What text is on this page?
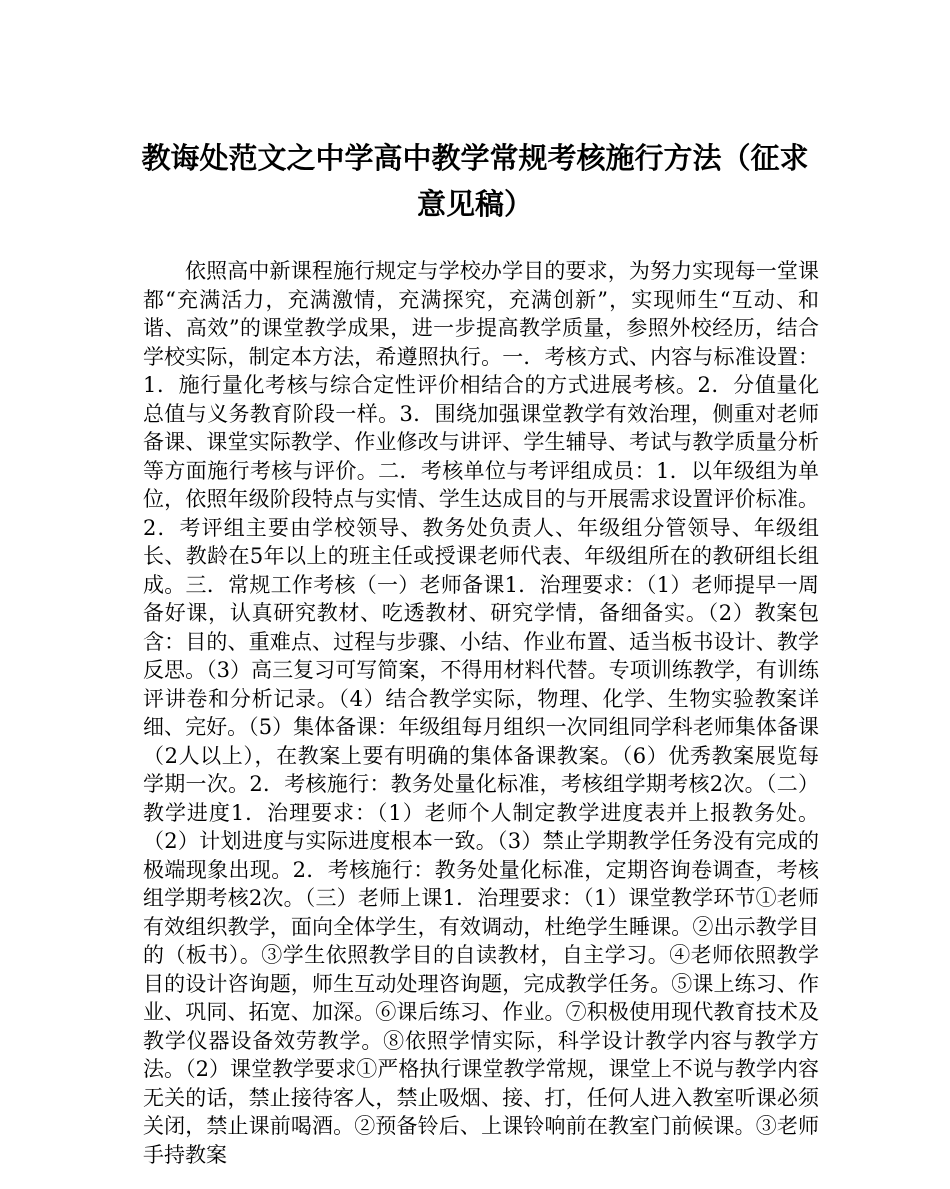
教诲处范文之中学高中教学常规考核施行方法（征求意见稿）

依照高中新课程施行规定与学校办学目的要求，为努力实现每一堂课都“充满活力，充满激情，充满探究，充满创新”，实现师生“互动、和谐、高效”的课堂教学成果，进一步提高教学质量，参照外校经历，结合学校实际，制定本方法，希遵照执行。一．考核方式、内容与标准设置：1．施行量化考核与综合定性评价相结合的方式进展考核。2．分值量化总值与义务教育阶段一样。3．围绕加强课堂教学有效治理，侧重对老师备课、课堂实际教学、作业修改与讲评、学生辅导、考试与教学质量分析等方面施行考核与评价。二．考核单位与考评组成员：1．以年级组为单位，依照年级阶段特点与实情、学生达成目的与开展需求设置评价标准。2．考评组主要由学校领导、教务处负责人、年级组分管领导、年级组长、教龄在5年以上的班主任或授课老师代表、年级组所在的教研组长组成。三．常规工作考核（一）老师备课1．治理要求：（1）老师提早一周备好课，认真研究教材、吃透教材、研究学情，备细备实。（2）教案包含：目的、重难点、过程与步骤、小结、作业布置、适当板书设计、教学反思。（3）高三复习可写简案，不得用材料代替。专项训练教学，有训练评讲卷和分析记录。（4）结合教学实际，物理、化学、生物实验教案详细、完好。（5）集体备课：年级组每月组织一次同组同学科老师集体备课（2人以上），在教案上要有明确的集体备课教案。（6）优秀教案展览每学期一次。2．考核施行：教务处量化标准，考核组学期考核2次。（二）教学进度1．治理要求：（1）老师个人制定教学进度表并上报教务处。（2）计划进度与实际进度根本一致。（3）禁止学期教学任务没有完成的极端现象出现。2．考核施行：教务处量化标准，定期咨询卷调查，考核组学期考核2次。（三）老师上课1．治理要求：（1）课堂教学环节①老师有效组织教学，面向全体学生，有效调动，杜绝学生睡课。②出示教学目的（板书）。③学生依照教学目的自读教材，自主学习。④老师依照教学目的设计咨询题，师生互动处理咨询题，完成教学任务。⑤课上练习、作业、巩同、拓宽、加深。⑥课后练习、作业。⑦积极使用现代教育技术及教学仪器设备效劳教学。⑧依照学情实际，科学设计教学内容与教学方法。（2）课堂教学要求①严格执行课堂教学常规，课堂上不说与教学内容无关的话，禁止接待客人，禁止吸烟、接、打，任何人进入教室听课必须关闭，禁止课前喝酒。②预备铃后、上课铃响前在教室门前候课。③老师手持教案
